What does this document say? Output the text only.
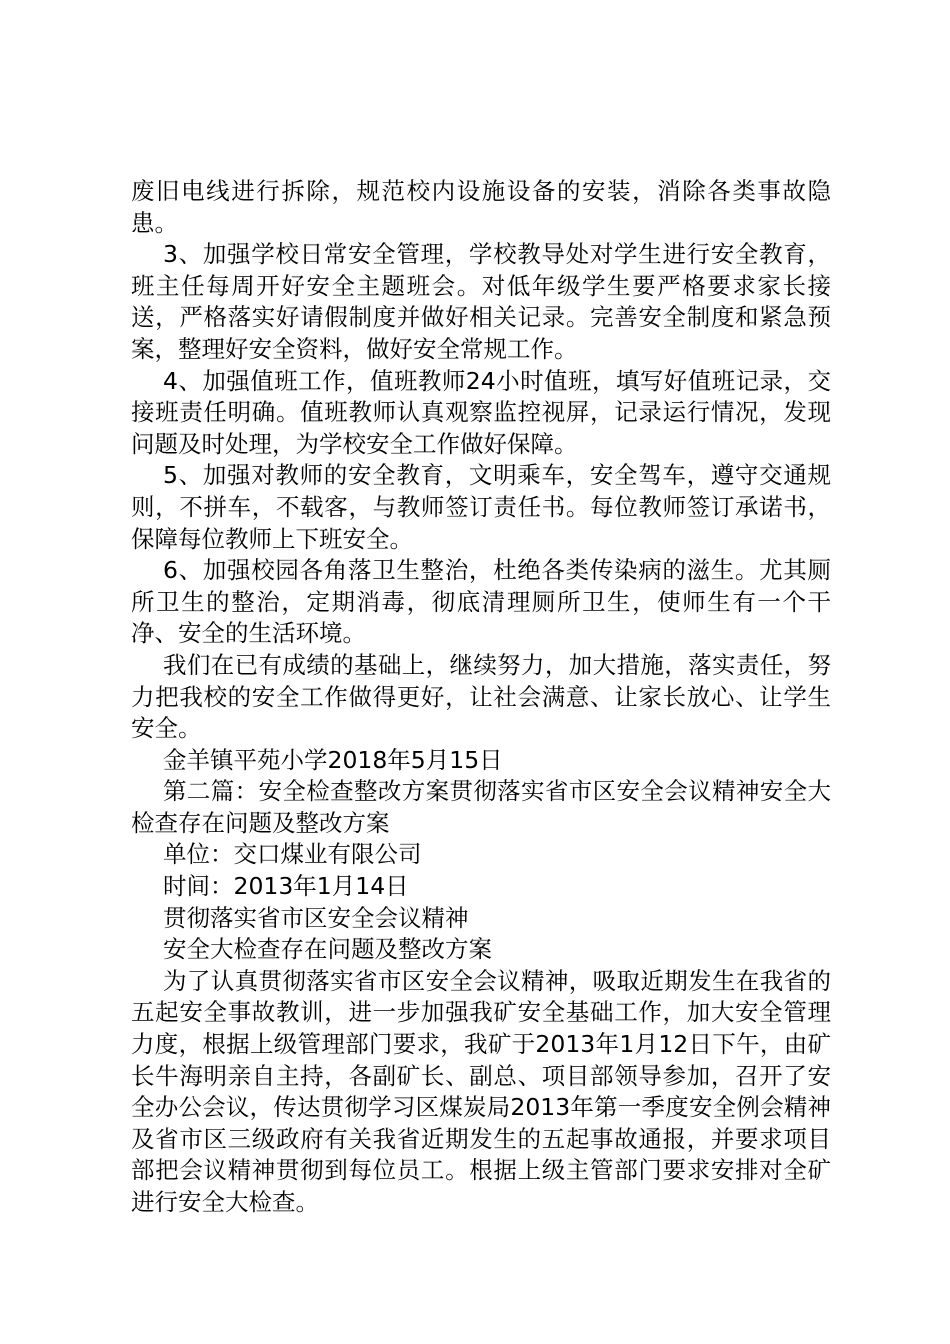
废旧电线进行拆除，规范校内设施设备的安装，消除各类事故隐患。

3、加强学校日常安全管理，学校教导处对学生进行安全教育，班主任每周开好安全主题班会。对低年级学生要严格要求家长接送，严格落实好请假制度并做好相关记录。完善安全制度和紧急预案，整理好安全资料，做好安全常规工作。

4、加强值班工作，值班教师24小时值班，填写好值班记录，交接班责任明确。值班教师认真观察监控视屏，记录运行情况，发现问题及时处理，为学校安全工作做好保障。

5、加强对教师的安全教育，文明乘车，安全驾车，遵守交通规则，不拼车，不载客，与教师签订责任书。每位教师签订承诺书，保障每位教师上下班安全。

6、加强校园各角落卫生整治，杜绝各类传染病的滋生。尤其厕所卫生的整治，定期消毒，彻底清理厕所卫生，使师生有一个干净、安全的生活环境。

我们在已有成绩的基础上，继续努力，加大措施，落实责任，努力把我校的安全工作做得更好，让社会满意、让家长放心、让学生安全。

金羊镇平苑小学2018年5月15日

第二篇：安全检查整改方案贯彻落实省市区安全会议精神安全大检查存在问题及整改方案

单位：交口煤业有限公司

时间：2013年1月14日

贯彻落实省市区安全会议精神

安全大检查存在问题及整改方案

为了认真贯彻落实省市区安全会议精神，吸取近期发生在我省的五起安全事故教训，进一步加强我矿安全基础工作，加大安全管理力度，根据上级管理部门要求，我矿于2013年1月12日下午，由矿长牛海明亲自主持，各副矿长、副总、项目部领导参加，召开了安全办公会议，传达贯彻学习区煤炭局2013年第一季度安全例会精神及省市区三级政府有关我省近期发生的五起事故通报，并要求项目部把会议精神贯彻到每位员工。根据上级主管部门要求安排对全矿进行安全大检查。
